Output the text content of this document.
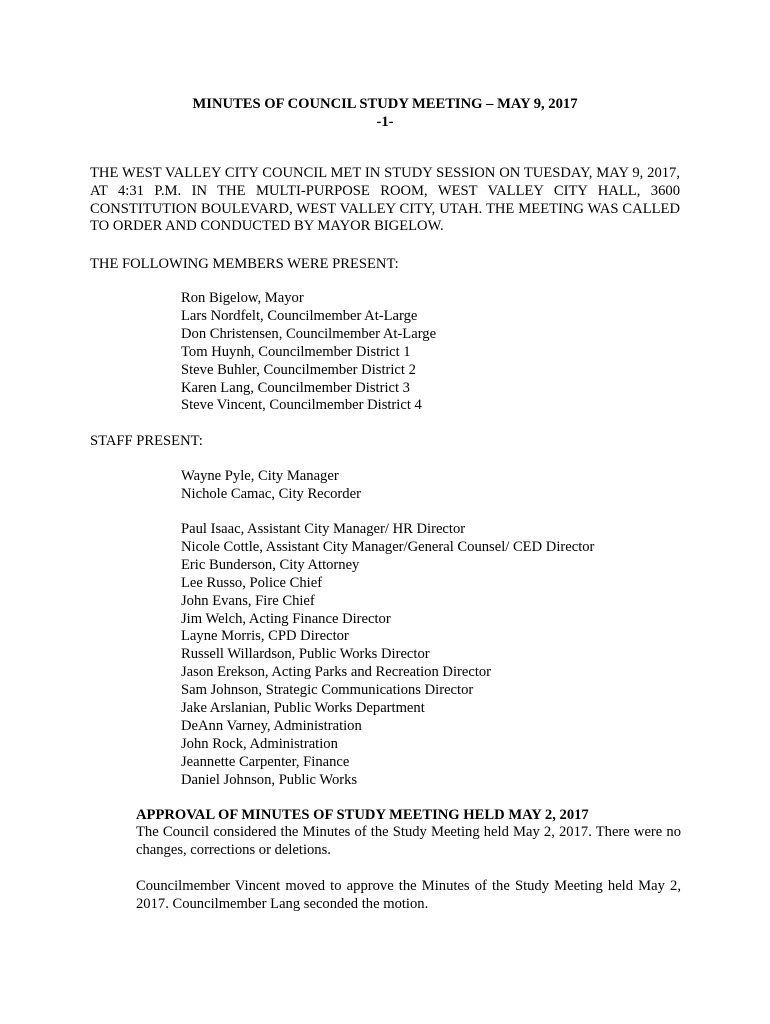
MINUTES OF COUNCIL STUDY MEETING – MAY 9, 2017
-1-
THE WEST VALLEY CITY COUNCIL MET IN STUDY SESSION ON TUESDAY, MAY 9, 2017, AT 4:31 P.M. IN THE MULTI-PURPOSE ROOM, WEST VALLEY CITY HALL, 3600 CONSTITUTION BOULEVARD, WEST VALLEY CITY, UTAH. THE MEETING WAS CALLED TO ORDER AND CONDUCTED BY MAYOR BIGELOW.
THE FOLLOWING MEMBERS WERE PRESENT:
Ron Bigelow, Mayor
Lars Nordfelt, Councilmember At-Large
Don Christensen, Councilmember At-Large
Tom Huynh, Councilmember District 1
Steve Buhler, Councilmember District 2
Karen Lang, Councilmember District 3
Steve Vincent, Councilmember District 4
STAFF PRESENT:
Wayne Pyle, City Manager
Nichole Camac, City Recorder
Paul Isaac, Assistant City Manager/ HR Director
Nicole Cottle, Assistant City Manager/General Counsel/ CED Director
Eric Bunderson, City Attorney
Lee Russo, Police Chief
John Evans, Fire Chief
Jim Welch, Acting Finance Director
Layne Morris, CPD Director
Russell Willardson, Public Works Director
Jason Erekson, Acting Parks and Recreation Director
Sam Johnson, Strategic Communications Director
Jake Arslanian, Public Works Department
DeAnn Varney, Administration
John Rock, Administration
Jeannette Carpenter, Finance
Daniel Johnson, Public Works
APPROVAL OF MINUTES OF STUDY MEETING HELD MAY 2, 2017
The Council considered the Minutes of the Study Meeting held May 2, 2017. There were no changes, corrections or deletions.
Councilmember Vincent moved to approve the Minutes of the Study Meeting held May 2, 2017. Councilmember Lang seconded the motion.
